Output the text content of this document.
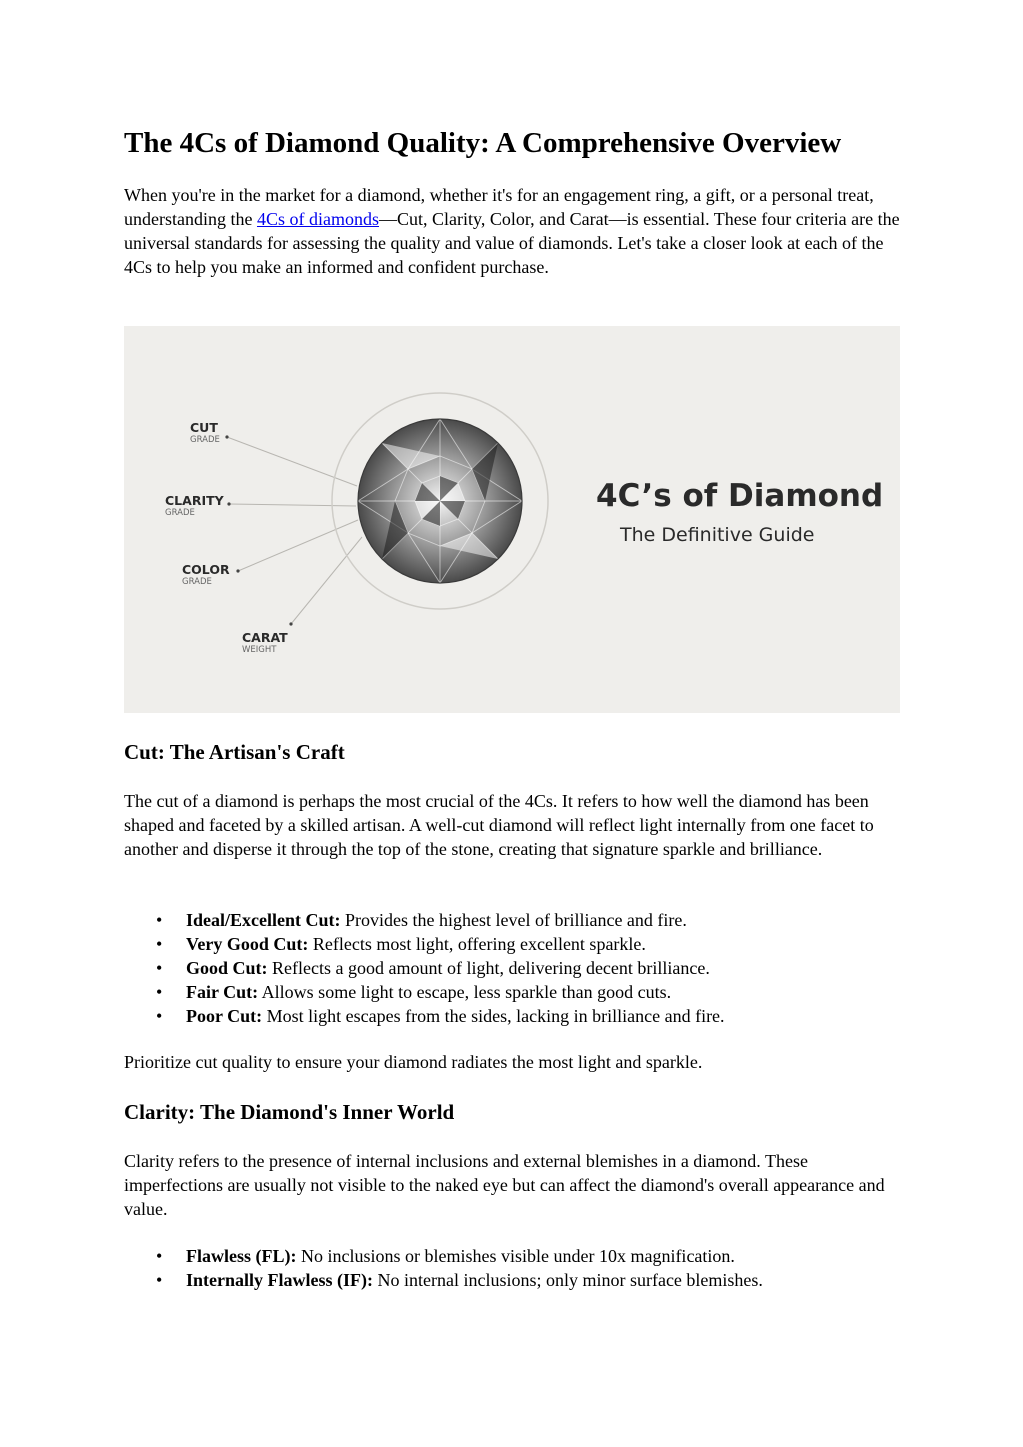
The 4Cs of Diamond Quality: A Comprehensive Overview

When you're in the market for a diamond, whether it's for an engagement ring, a gift, or a personal treat, understanding the 4Cs of diamonds—Cut, Clarity, Color, and Carat—is essential. These four criteria are the universal standards for assessing the quality and value of diamonds. Let's take a closer look at each of the 4Cs to help you make an informed and confident purchase.

CUT
GRADE
CLARITY
GRADE
COLOR
GRADE
CARAT
WEIGHT
4C’s of Diamond
The Definitive Guide
Cut: The Artisan's Craft

The cut of a diamond is perhaps the most crucial of the 4Cs. It refers to how well the diamond has been shaped and faceted by a skilled artisan. A well-cut diamond will reflect light internally from one facet to another and disperse it through the top of the stone, creating that signature sparkle and brilliance.

• Ideal/Excellent Cut: Provides the highest level of brilliance and fire.
• Very Good Cut: Reflects most light, offering excellent sparkle.
• Good Cut: Reflects a good amount of light, delivering decent brilliance.
• Fair Cut: Allows some light to escape, less sparkle than good cuts.
• Poor Cut: Most light escapes from the sides, lacking in brilliance and fire.

Prioritize cut quality to ensure your diamond radiates the most light and sparkle.

Clarity: The Diamond's Inner World

Clarity refers to the presence of internal inclusions and external blemishes in a diamond. These imperfections are usually not visible to the naked eye but can affect the diamond's overall appearance and value.

• Flawless (FL): No inclusions or blemishes visible under 10x magnification.
• Internally Flawless (IF): No internal inclusions; only minor surface blemishes.
